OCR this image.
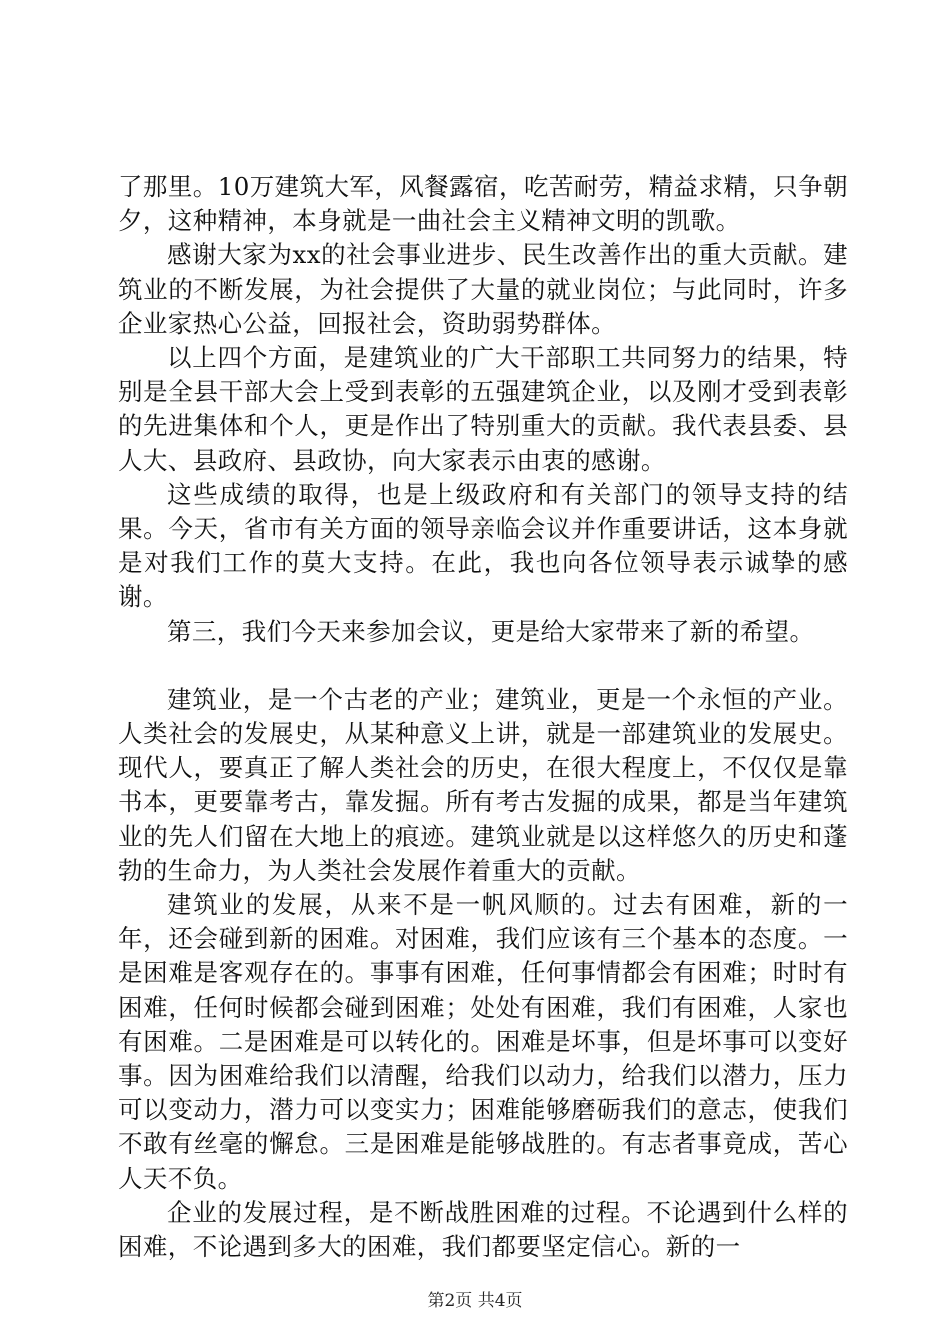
了那里。10万建筑大军，风餐露宿，吃苦耐劳，精益求精，只争朝夕，这种精神，本身就是一曲社会主义精神文明的凯歌。

感谢大家为xx的社会事业进步、民生改善作出的重大贡献。建筑业的不断发展，为社会提供了大量的就业岗位；与此同时，许多企业家热心公益，回报社会，资助弱势群体。

以上四个方面，是建筑业的广大干部职工共同努力的结果，特别是全县干部大会上受到表彰的五强建筑企业，以及刚才受到表彰的先进集体和个人，更是作出了特别重大的贡献。我代表县委、县人大、县政府、县政协，向大家表示由衷的感谢。

这些成绩的取得，也是上级政府和有关部门的领导支持的结果。今天，省市有关方面的领导亲临会议并作重要讲话，这本身就是对我们工作的莫大支持。在此，我也向各位领导表示诚挚的感谢。

第三，我们今天来参加会议，更是给大家带来了新的希望。

建筑业，是一个古老的产业；建筑业，更是一个永恒的产业。人类社会的发展史，从某种意义上讲，就是一部建筑业的发展史。现代人，要真正了解人类社会的历史，在很大程度上，不仅仅是靠书本，更要靠考古，靠发掘。所有考古发掘的成果，都是当年建筑业的先人们留在大地上的痕迹。建筑业就是以这样悠久的历史和蓬勃的生命力，为人类社会发展作着重大的贡献。

建筑业的发展，从来不是一帆风顺的。过去有困难，新的一年，还会碰到新的困难。对困难，我们应该有三个基本的态度。一是困难是客观存在的。事事有困难，任何事情都会有困难；时时有困难，任何时候都会碰到困难；处处有困难，我们有困难，人家也有困难。二是困难是可以转化的。困难是坏事，但是坏事可以变好事。因为困难给我们以清醒，给我们以动力，给我们以潜力，压力可以变动力，潜力可以变实力；困难能够磨砺我们的意志，使我们不敢有丝毫的懈怠。三是困难是能够战胜的。有志者事竟成，苦心人天不负。

企业的发展过程，是不断战胜困难的过程。不论遇到什么样的困难，不论遇到多大的困难，我们都要坚定信心。新的一

第2页 共4页
